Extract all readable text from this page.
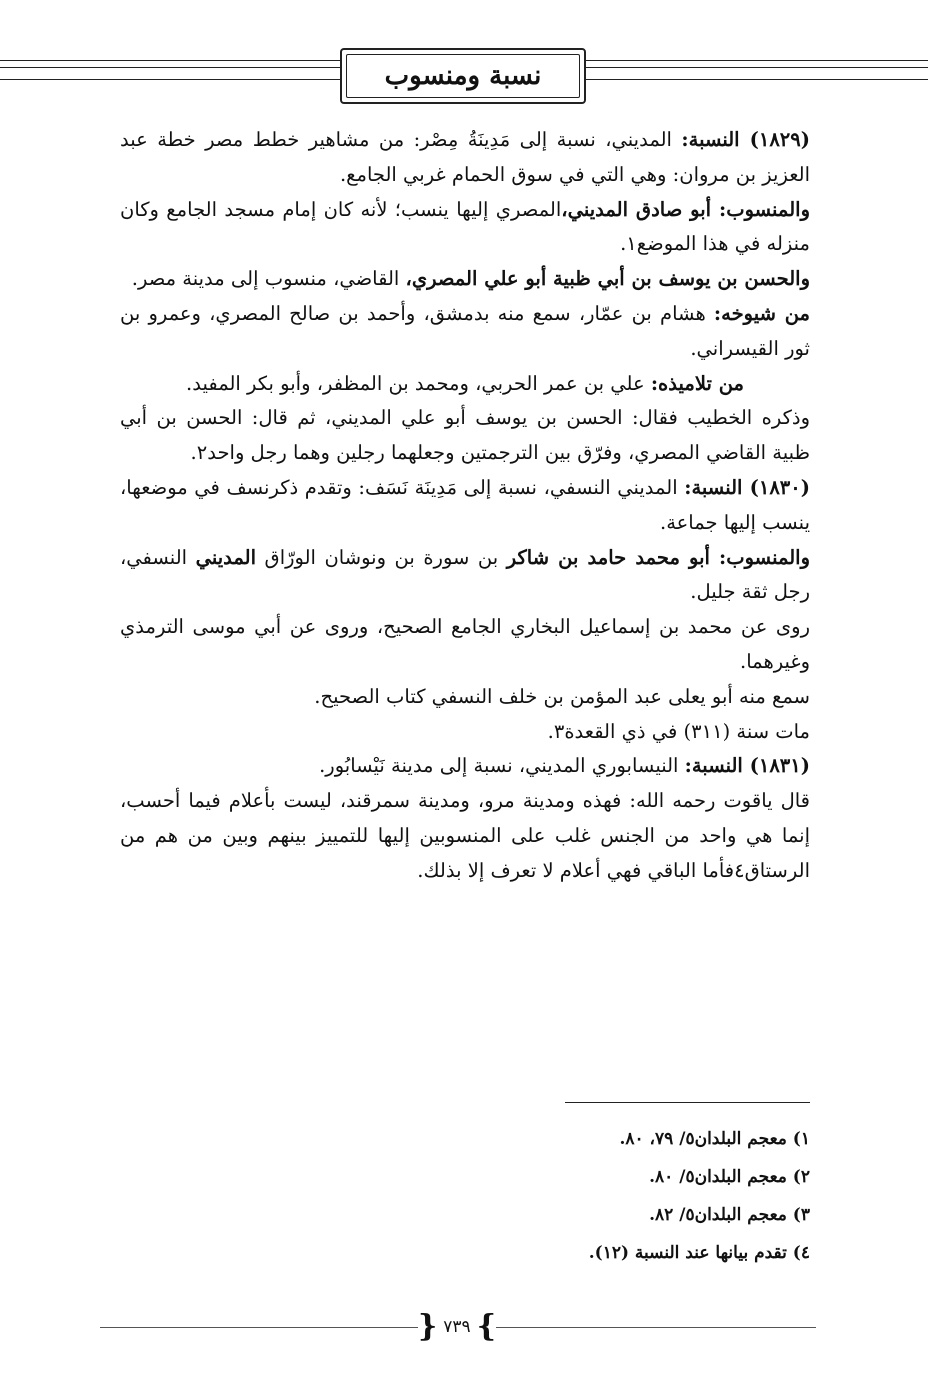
نسبة ومنسوب

(١٨٢٩) النسبة: المديني، نسبة إلى مَدِينَةُ مِصْر: من مشاهير خطط مصر خطة عبد العزيز بن مروان: وهي التي في سوق الحمام غربي الجامع.

والمنسوب: أبو صادق المديني،المصري إليها ينسب؛ لأنه كان إمام مسجد الجامع وكان منزله في هذا الموضع١.

والحسن بن يوسف بن أبي ظبية أبو علي المصري، القاضي، منسوب إلى مدينة مصر.

من شيوخه: هشام بن عمّار، سمع منه بدمشق، وأحمد بن صالح المصري، وعمرو بن ثور القيسراني.

من تلاميذه: علي بن عمر الحربي، ومحمد بن المظفر، وأبو بكر المفيد.

وذكره الخطيب فقال: الحسن بن يوسف أبو علي المديني، ثم قال: الحسن بن أبي ظبية القاضي المصري، وفرّق بين الترجمتين وجعلهما رجلين وهما رجل واحد٢.

(١٨٣٠) النسبة: المديني النسفي، نسبة إلى مَدِينَة نَسَف: وتقدم ذكرنسف في موضعها، ينسب إليها جماعة.

والمنسوب: أبو محمد حامد بن شاكر بن سورة بن ونوشان الورّاق المديني النسفي، رجل ثقة جليل.

روى عن محمد بن إسماعيل البخاري الجامع الصحيح، وروى عن أبي موسى الترمذي وغيرهما.

سمع منه أبو يعلى عبد المؤمن بن خلف النسفي كتاب الصحيح.

مات سنة (٣١١) في ذي القعدة٣.

(١٨٣١) النسبة: النيسابوري المديني، نسبة إلى مدينة نَيْسابُور.

قال ياقوت رحمه الله: فهذه ومدينة مرو، ومدينة سمرقند، ليست بأعلام فيما أحسب، إنما هي واحد من الجنس غلب على المنسوبين إليها للتمييز بينهم وبين من هم من الرستاق٤فأما الباقي فهي أعلام لا تعرف إلا بذلك.

١) معجم البلدان٥/ ٧٩، ٨٠.

٢) معجم البلدان٥/ ٨٠.

٣) معجم البلدان٥/ ٨٢.

٤) تقدم بيانها عند النسبة (١٢).

} ٧٣٩ {
